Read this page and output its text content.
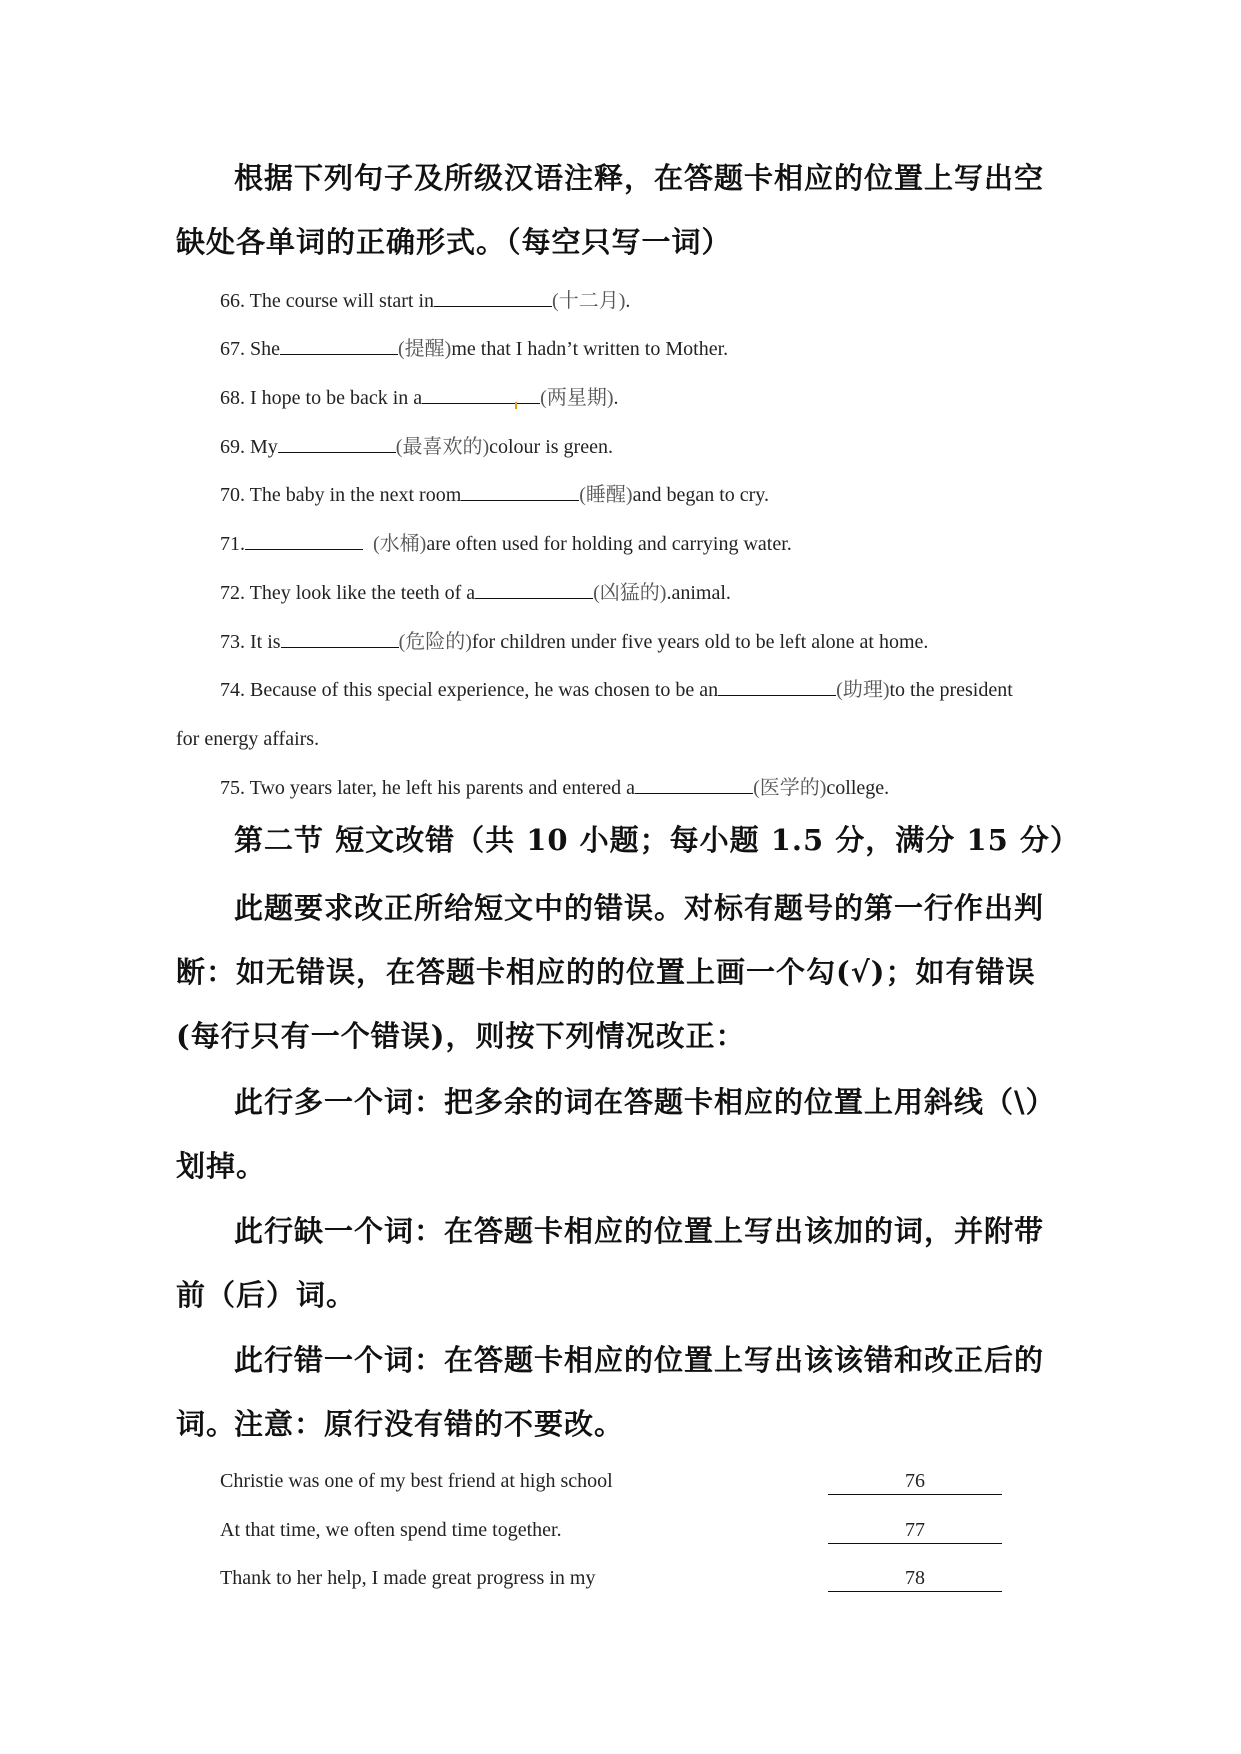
根据下列句子及所级汉语注释，在答题卡相应的位置上写出空缺处各单词的正确形式。（每空只写一词）

66. The course will start in	(十二月).
67. She	(提醒)me that I hadn’t written to Mother.
68. I hope to be back in a	(两星期).
69. My	(最喜欢的)colour is green.
70. The baby in the next room	(睡醒)and began to cry.
71.	(水桶)are often used for holding and carrying water.
72. They look like the teeth of a	(凶猛的).animal.
73. It is	(危险的)for children under five years old to be left alone at home.
74. Because of this special experience, he was chosen to be an	(助理)to the president
for energy affairs.
75. Two years later, he left his parents and entered a	(医学的)college.
第二节 短文改错（共 10 小题；每小题 1.5 分，满分 15 分）

此题要求改正所给短文中的错误。对标有题号的第一行作出判断：如无错误，在答题卡相应的的位置上画一个勾(√)；如有错误(每行只有一个错误)，则按下列情况改正：

此行多一个词：把多余的词在答题卡相应的位置上用斜线（\）划掉。

此行缺一个词：在答题卡相应的位置上写出该加的词，并附带前（后）词。

此行错一个词：在答题卡相应的位置上写出该该错和改正后的词。

注意：原行没有错的不要改。

Christie was one of my best friend at high school	76
At that time, we often spend time together.	77
Thank to her help, I made great progress in my	78
